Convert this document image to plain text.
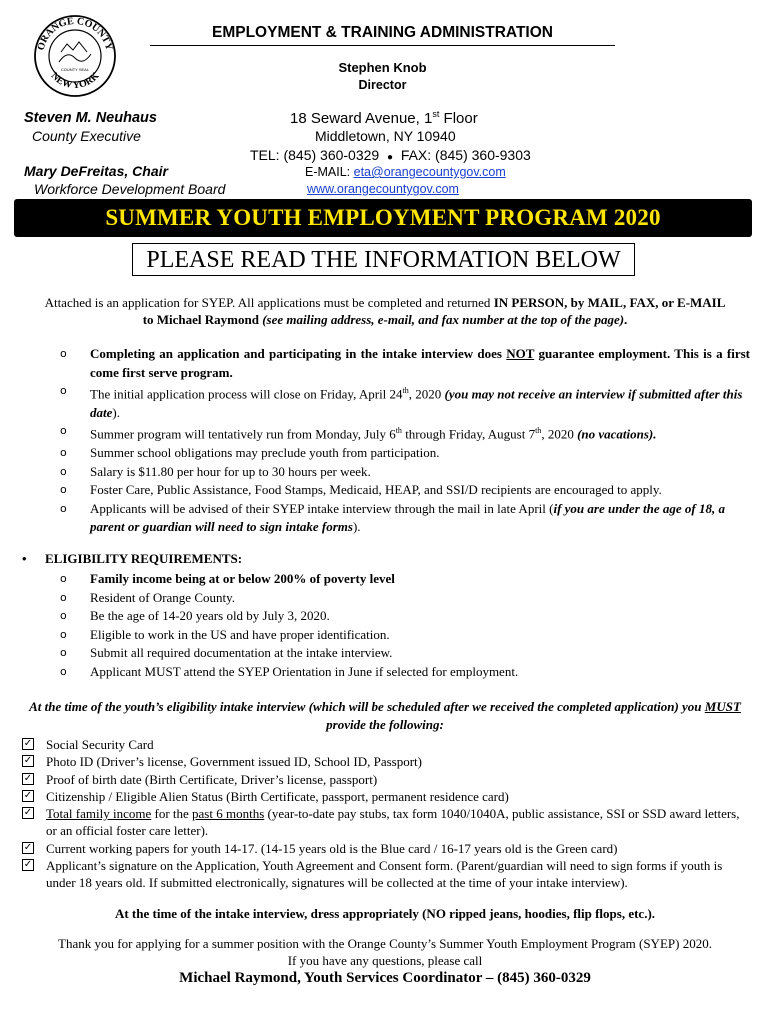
ORANGE COUNTY
NEW YORK
COUNTY SEAL
EMPLOYMENT & TRAINING ADMINISTRATION
Stephen Knob
Director
Steven M. Neuhaus
County Executive
Mary DeFreitas, Chair
Workforce Development Board
18 Seward Avenue, 1st Floor
Middletown, NY 10940
TEL: (845) 360-0329 ● FAX: (845) 360-9303
E-MAIL: eta@orangecountygov.com
www.orangecountygov.com
SUMMER YOUTH EMPLOYMENT PROGRAM 2020
PLEASE READ THE INFORMATION BELOW
Attached is an application for SYEP. All applications must be completed and returned IN PERSON, by MAIL, FAX, or E-MAIL to Michael Raymond (see mailing address, e-mail, and fax number at the top of the page).
o Completing an application and participating in the intake interview does NOT guarantee employment. This is a first come first serve program.
o The initial application process will close on Friday, April 24th, 2020 (you may not receive an interview if submitted after this date).
o Summer program will tentatively run from Monday, July 6th through Friday, August 7th, 2020 (no vacations).
o Summer school obligations may preclude youth from participation.
o Salary is $11.80 per hour for up to 30 hours per week.
o Foster Care, Public Assistance, Food Stamps, Medicaid, HEAP, and SSI/D recipients are encouraged to apply.
o Applicants will be advised of their SYEP intake interview through the mail in late April (if you are under the age of 18, a parent or guardian will need to sign intake forms).
• ELIGIBILITY REQUIREMENTS:
o Family income being at or below 200% of poverty level
o Resident of Orange County.
o Be the age of 14-20 years old by July 3, 2020.
o Eligible to work in the US and have proper identification.
o Submit all required documentation at the intake interview.
o Applicant MUST attend the SYEP Orientation in June if selected for employment.
At the time of the youth’s eligibility intake interview (which will be scheduled after we received the completed application) you MUST provide the following:
✓ Social Security Card
✓ Photo ID (Driver’s license, Government issued ID, School ID, Passport)
✓ Proof of birth date (Birth Certificate, Driver’s license, passport)
✓ Citizenship / Eligible Alien Status (Birth Certificate, passport, permanent residence card)
✓ Total family income for the past 6 months (year-to-date pay stubs, tax form 1040/1040A, public assistance, SSI or SSD award letters, or an official foster care letter).
✓ Current working papers for youth 14-17. (14-15 years old is the Blue card / 16-17 years old is the Green card)
✓ Applicant’s signature on the Application, Youth Agreement and Consent form. (Parent/guardian will need to sign forms if youth is under 18 years old. If submitted electronically, signatures will be collected at the time of your intake interview).
At the time of the intake interview, dress appropriately (NO ripped jeans, hoodies, flip flops, etc.).
Thank you for applying for a summer position with the Orange County’s Summer Youth Employment Program (SYEP) 2020.
If you have any questions, please call
Michael Raymond, Youth Services Coordinator – (845) 360-0329
